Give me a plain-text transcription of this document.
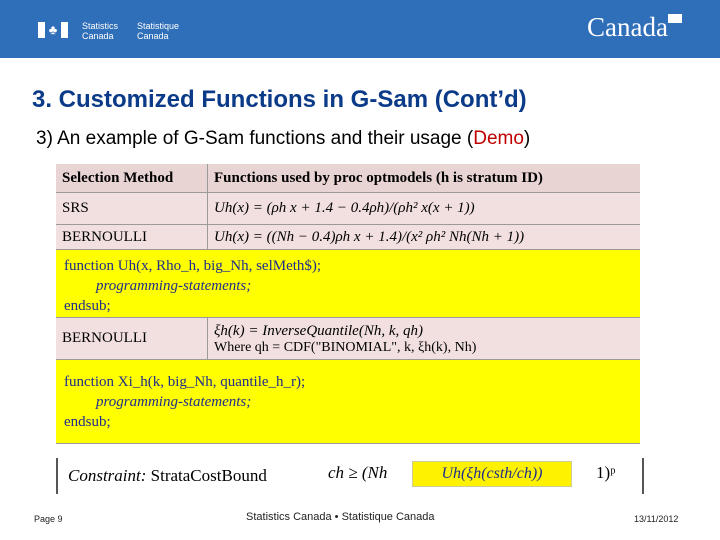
♣	Statistics
Canada
Statistique
Canada	Canada
3. Customized Functions in G-Sam (Cont’d)
3) An example of G-Sam functions and their usage (Demo)
Selection Method	Functions used by proc optmodels (h is stratum ID)
SRS	Uh(x) = (ρh x + 1.4 − 0.4ρh)/(ρh² x(x + 1))
BERNOULLI	Uh(x) = ((Nh − 0.4)ρh x + 1.4)/(x² ρh² Nh(Nh + 1))
function Uh(x, Rho_h, big_Nh, selMeth$);
programming-statements;
endsub;
BERNOULLI	ξh(k) = InverseQuantile(Nh, k, qh)
Where qh = CDF("BINOMIAL", k, ξh(k), Nh)
function Xi_h(k, big_Nh, quantile_h_r);
programming-statements;
endsub;
Constraint: StrataCostBound	ch ≥ (Nh	Uh(ξh(csth/ch))	1)ᵖ
Page 9	Statistics Canada • Statistique Canada	13/11/2012
